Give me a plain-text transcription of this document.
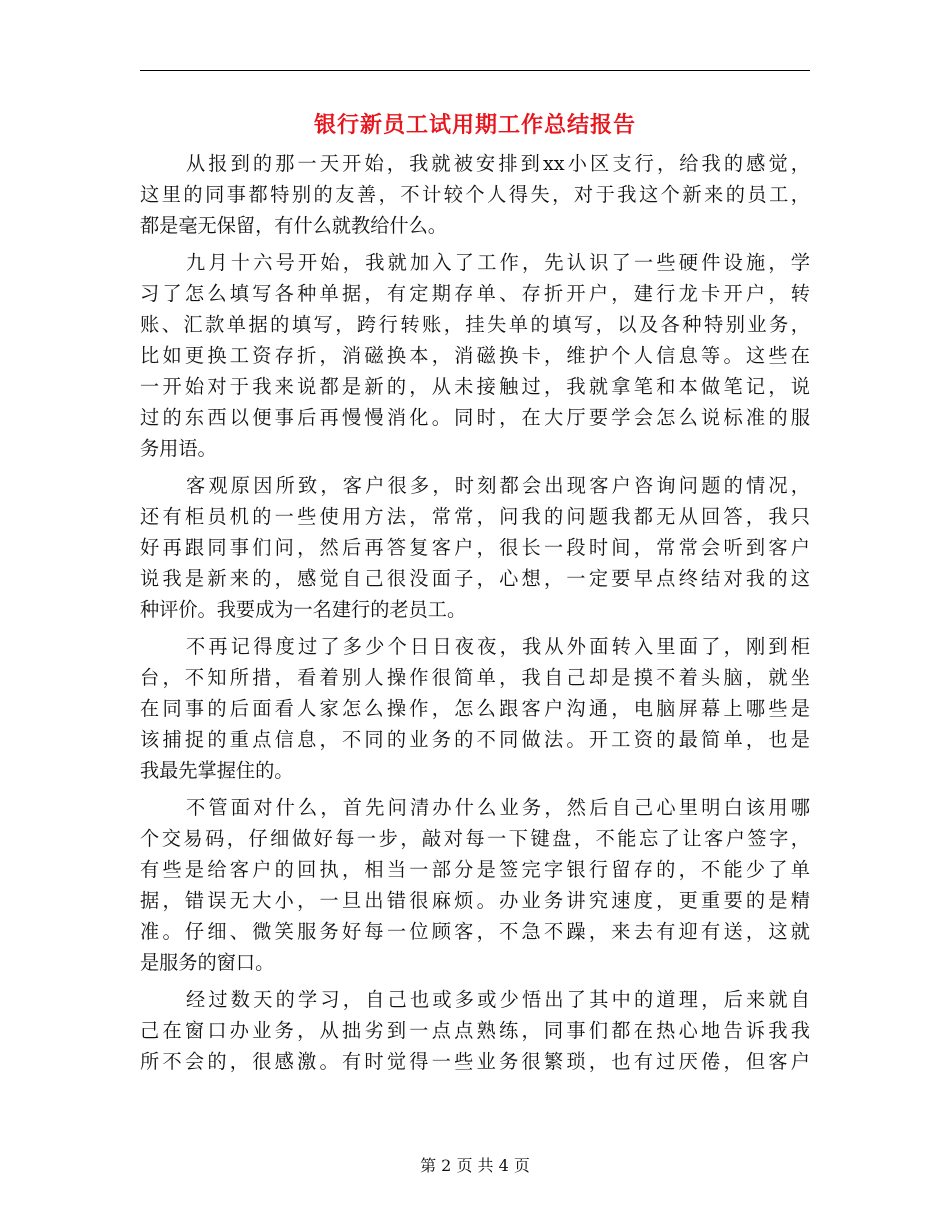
银行新员工试用期工作总结报告
从报到的那一天开始，我就被安排到xx小区支行，给我的感觉，
这里的同事都特别的友善，不计较个人得失，对于我这个新来的员工，
都是毫无保留，有什么就教给什么。
九月十六号开始，我就加入了工作，先认识了一些硬件设施，学
习了怎么填写各种单据，有定期存单、存折开户，建行龙卡开户，转
账、汇款单据的填写，跨行转账，挂失单的填写，以及各种特别业务，
比如更换工资存折，消磁换本，消磁换卡，维护个人信息等。这些在
一开始对于我来说都是新的，从未接触过，我就拿笔和本做笔记，说
过的东西以便事后再慢慢消化。同时，在大厅要学会怎么说标准的服
务用语。
客观原因所致，客户很多，时刻都会出现客户咨询问题的情况，
还有柜员机的一些使用方法，常常，问我的问题我都无从回答，我只
好再跟同事们问，然后再答复客户，很长一段时间，常常会听到客户
说我是新来的，感觉自己很没面子，心想，一定要早点终结对我的这
种评价。我要成为一名建行的老员工。
不再记得度过了多少个日日夜夜，我从外面转入里面了，刚到柜
台，不知所措，看着别人操作很简单，我自己却是摸不着头脑，就坐
在同事的后面看人家怎么操作，怎么跟客户沟通，电脑屏幕上哪些是
该捕捉的重点信息，不同的业务的不同做法。开工资的最简单，也是
我最先掌握住的。
不管面对什么，首先问清办什么业务，然后自己心里明白该用哪
个交易码，仔细做好每一步，敲对每一下键盘，不能忘了让客户签字，
有些是给客户的回执，相当一部分是签完字银行留存的，不能少了单
据，错误无大小，一旦出错很麻烦。办业务讲究速度，更重要的是精
准。仔细、微笑服务好每一位顾客，不急不躁，来去有迎有送，这就
是服务的窗口。
经过数天的学习，自己也或多或少悟出了其中的道理，后来就自
己在窗口办业务，从拙劣到一点点熟练，同事们都在热心地告诉我我
所不会的，很感激。有时觉得一些业务很繁琐，也有过厌倦，但客户
第 2 页 共 4 页
